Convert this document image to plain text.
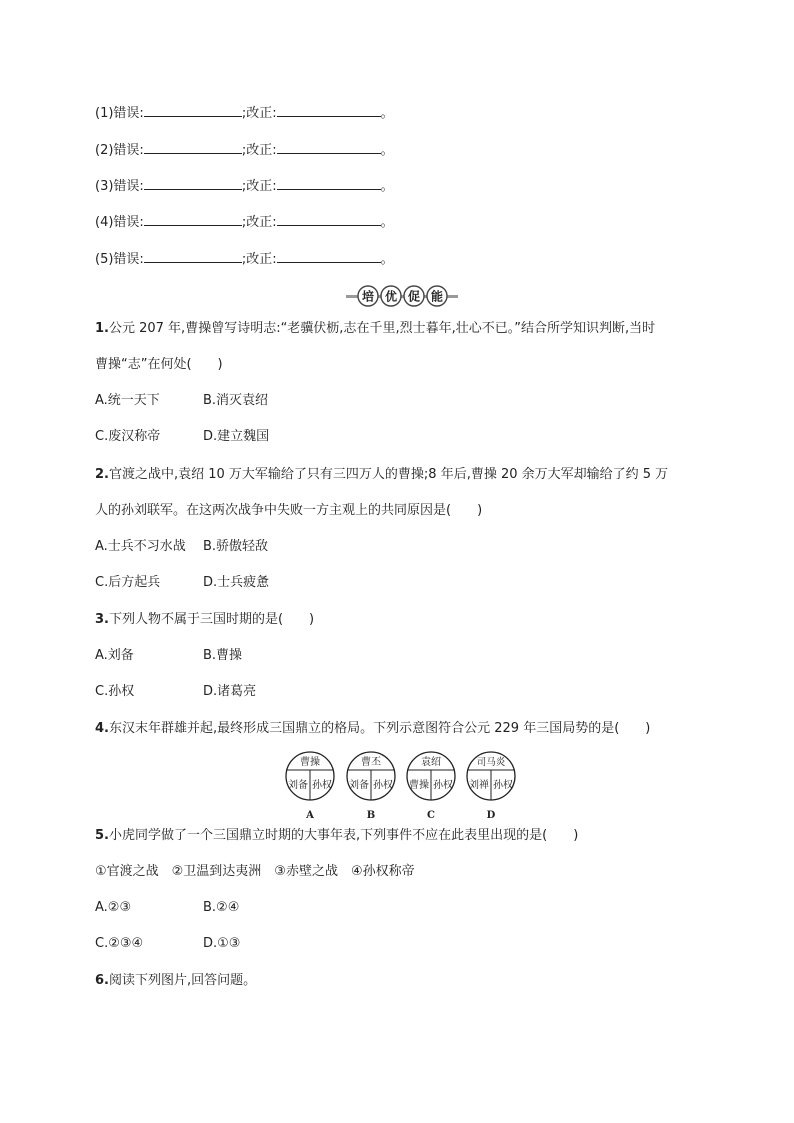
(1)错误:	;改正:	。
(2)错误:	;改正:	。
(3)错误:	;改正:	。
(4)错误:	;改正:	。
(5)错误:	;改正:	。
培 优 促 能
1.公元 207 年,曹操曾写诗明志:“老骥伏枥,志在千里,烈士暮年,壮心不已。”结合所学知识判断,当时
曹操“志”在何处(　　)
A.统一天下	B.消灭袁绍
C.废汉称帝	D.建立魏国
2.官渡之战中,袁绍 10 万大军输给了只有三四万人的曹操;8 年后,曹操 20 余万大军却输给了约 5 万
人的孙刘联军。在这两次战争中失败一方主观上的共同原因是(　　)
A.士兵不习水战 B.骄傲轻敌
C.后方起兵	D.士兵疲惫
3.下列人物不属于三国时期的是(　　)
A.刘备	B.曹操
C.孙权	D.诸葛亮
4.东汉末年群雄并起,最终形成三国鼎立的格局。下列示意图符合公元 229 年三国局势的是(　　)
曹操
刘备 孙权
A
曹丕
刘备 孙权
B
袁绍
曹操 孙权
C
司马炎
刘禅 孙权
D
5.小虎同学做了一个三国鼎立时期的大事年表,下列事件不应在此表里出现的是(　　)
①官渡之战　②卫温到达夷洲　③赤壁之战　④孙权称帝
A.②③	B.②④
C.②③④	D.①③
6.阅读下列图片,回答问题。
